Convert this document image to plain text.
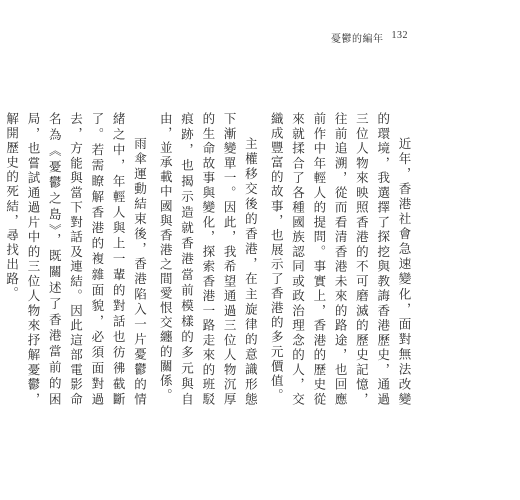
憂鬱的編年 132

近年，香港社會急速變化，面對無法改變的環境，我選擇了探挖與教誨香港歷史，通過三位人物來映照香港的不可磨滅的歷史記憶，往前追溯，從而看清香港未來的路途，也回應前作中年輕人的提問。事實上，香港的歷史從來就揉合了各種國族認同或政治理念的人，交織成豐富的故事，也展示了香港的多元價值。

主權移交後的香港，在主旋律的意識形態下漸變單一。因此，我希望通過三位人物沉厚的生命故事與變化，探索香港一路走來的班駁痕跡，也揭示造就香港當前模樣的多元與自由，並承載中國與香港之間愛恨交纏的關係。

雨傘運動結束後，香港陷入一片憂鬱的情緒之中，年輕人與上一輩的對話也彷彿截斷了。若需瞭解香港的複雜面貌，必須面對過去，方能與當下對話及連結。因此這部電影命名為《憂鬱之島》，既關述了香港當前的困局，也嘗試通過片中的三位人物來抒解憂鬱，解開歷史的死結，尋找出路。
